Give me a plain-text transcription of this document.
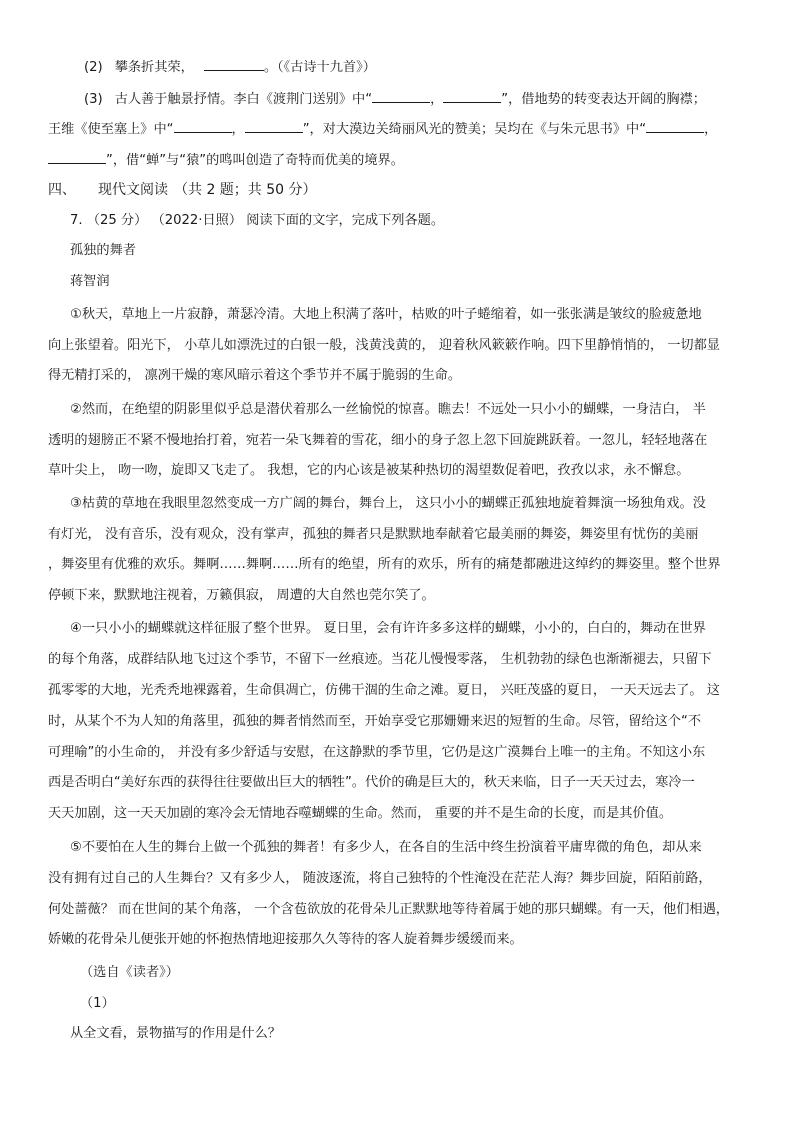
(2) 攀条折其荣，	。（《古诗十九首》）
(3) 古人善于触景抒情。李白《渡荆门送别》中“	，	”，借地势的转变表达开阔的胸襟；
王维《使至塞上》中“	，	”，对大漠边关绮丽风光的赞美；吴均在《与朱元思书》中“	，
”，借“蝉”与“猿”的鸣叫创造了奇特而优美的境界。
四、 现代文阅读 （共 2 题；共 50 分）
7. （25 分） （2022·日照） 阅读下面的文字，完成下列各题。
孤独的舞者
蒋智润
①秋天，草地上一片寂静，萧瑟冷清。大地上积满了落叶，枯败的叶子蜷缩着，如一张张满是皱纹的脸疲惫地
向上张望着。阳光下， 小草儿如漂洗过的白银一般，浅黄浅黄的， 迎着秋风簌簌作响。四下里静悄悄的， 一切都显
得无精打采的， 凛冽干燥的寒风暗示着这个季节并不属于脆弱的生命。
②然而，在绝望的阴影里似乎总是潜伏着那么一丝愉悦的惊喜。瞧去！不远处一只小小的蝴蝶，一身洁白， 半
透明的翅膀正不紧不慢地抬打着，宛若一朵飞舞着的雪花，细小的身子忽上忽下回旋跳跃着。一忽儿，轻轻地落在
草叶尖上， 吻一吻，旋即又飞走了。 我想，它的内心该是被某种热切的渴望数促着吧，孜孜以求，永不懈怠。
③枯黄的草地在我眼里忽然变成一方广阔的舞台，舞台上， 这只小小的蝴蝶正孤独地旋着舞演一场独角戏。没
有灯光， 没有音乐，没有观众，没有掌声，孤独的舞者只是默默地奉献着它最美丽的舞姿，舞姿里有忧伤的美丽
，舞姿里有优雅的欢乐。舞啊……舞啊……所有的绝望，所有的欢乐，所有的痛楚都融进这绰约的舞姿里。整个世界
停顿下来，默默地注视着，万籁俱寂， 周遭的大自然也莞尔笑了。
④一只小小的蝴蝶就这样征服了整个世界。 夏日里，会有许许多多这样的蝴蝶，小小的，白白的，舞动在世界
的每个角落，成群结队地飞过这个季节，不留下一丝痕迹。当花儿慢慢零落， 生机勃勃的绿色也渐渐褪去，只留下
孤零零的大地，光秃秃地裸露着，生命俱凋亡，仿佛干涸的生命之滩。夏日， 兴旺茂盛的夏日， 一天天远去了。 这
时，从某个不为人知的角落里，孤独的舞者悄然而至，开始享受它那姗姗来迟的短暂的生命。尽管，留给这个“不
可理喻”的小生命的， 并没有多少舒适与安慰，在这静默的季节里，它仍是这广漠舞台上唯一的主角。不知这小东
西是否明白“美好东西的获得往往要做出巨大的牺牲”。代价的确是巨大的，秋天来临，日子一天天过去，寒冷一
天天加剧，这一天天加剧的寒冷会无情地吞噬蝴蝶的生命。然而， 重要的并不是生命的长度，而是其价值。
⑤不要怕在人生的舞台上做一个孤独的舞者！有多少人，在各自的生活中终生扮演着平庸卑微的角色，却从来
没有拥有过自己的人生舞台？又有多少人， 随波逐流，将自己独特的个性淹没在茫茫人海？舞步回旋，陌陌前路，
何处蔷薇？ 而在世间的某个角落， 一个含苞欲放的花骨朵儿正默默地等待着属于她的那只蝴蝶。有一天，他们相遇，
娇嫩的花骨朵儿便张开她的怀抱热情地迎接那久久等待的客人旋着舞步缓缓而来。
（选自《读者》）
（1）
从全文看，景物描写的作用是什么？
